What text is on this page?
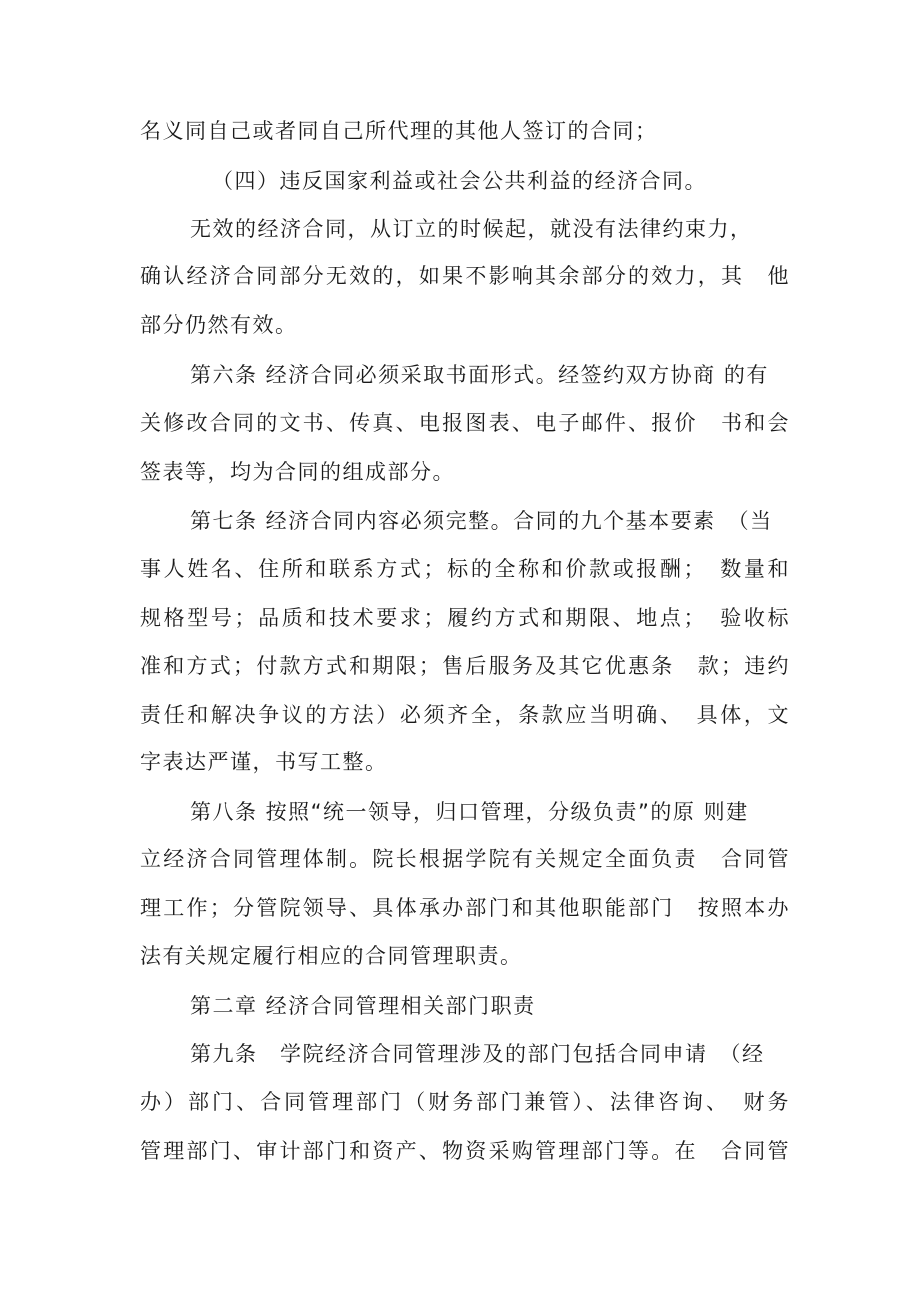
名义同自己或者同自己所代理的其他人签订的合同；
（四）违反国家利益或社会公共利益的经济合同。
无效的经济合同，从订立的时候起，就没有法律约束力，
确认经济合同部分无效的，如果不影响其余部分的效力，其　他
部分仍然有效。
第六条 经济合同必须采取书面形式。经签约双方协商 的有
关修改合同的文书、传真、电报图表、电子邮件、报价　书和会
签表等，均为合同的组成部分。
第七条 经济合同内容必须完整。合同的九个基本要素　（当
事人姓名、住所和联系方式；标的全称和价款或报酬；　数量和
规格型号；品质和技术要求；履约方式和期限、地点；　验收标
准和方式；付款方式和期限；售后服务及其它优惠条　款；违约
责任和解决争议的方法）必须齐全，条款应当明确、　具体，文
字表达严谨，书写工整。
第八条 按照“统一领导，归口管理，分级负责”的原 则建
立经济合同管理体制。院长根据学院有关规定全面负责　合同管
理工作；分管院领导、具体承办部门和其他职能部门　按照本办
法有关规定履行相应的合同管理职责。
第二章 经济合同管理相关部门职责
第九条　学院经济合同管理涉及的部门包括合同申请　（经
办）部门、合同管理部门（财务部门兼管）、法律咨询、　财务
管理部门、审计部门和资产、物资采购管理部门等。在　合同管
